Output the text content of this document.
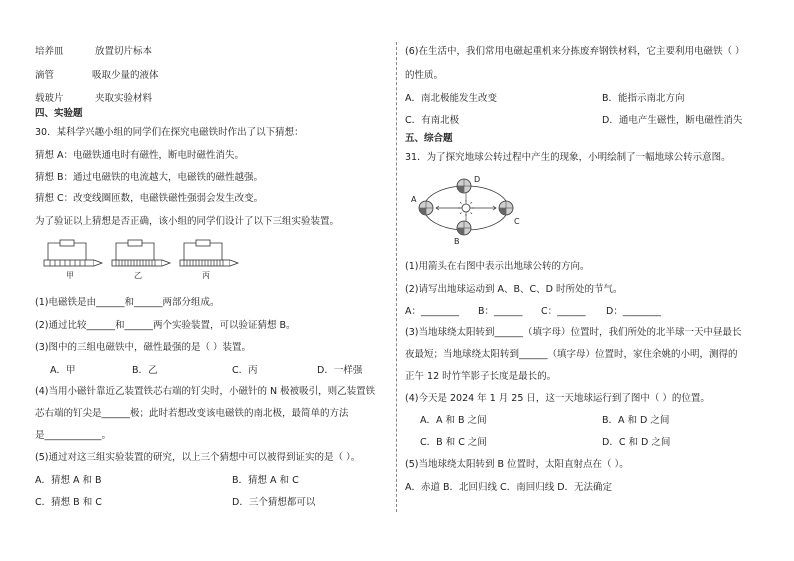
培养皿	放置切片标本
滴管	吸取少量的液体
载玻片	夹取实验材料
四、实验题
30．某科学兴趣小组的同学们在探究电磁铁时作出了以下猜想：
猜想 A：电磁铁通电时有磁性，断电时磁性消失。
猜想 B：通过电磁铁的电流越大，电磁铁的磁性越强。
猜想 C：改变线圈匝数，电磁铁磁性强弱会发生改变。
为了验证以上猜想是否正确，该小组的同学们设计了以下三组实验装置。
甲	乙	丙
(1)电磁铁是由______和______两部分组成。
(2)通过比较______和______两个实验装置，可以验证猜想 B。
(3)图中的三组电磁铁中，磁性最强的是（ ）装置。
A．甲	B．乙	C．丙	D．一样强
(4)当用小磁针靠近乙装置铁芯右端的钉尖时，小磁针的 N 极被吸引，则乙装置铁
芯右端的钉尖是______极；此时若想改变该电磁铁的南北极，最简单的方法
是____________。
(5)通过对这三组实验装置的研究，以上三个猜想中可以被得到证实的是（ ）。
A．猜想 A 和 B	B．猜想 A 和 C
C．猜想 B 和 C	D．三个猜想都可以
(6)在生活中，我们常用电磁起重机来分拣废弃钢铁材料，它主要利用电磁铁（ ）
的性质。
A．南北极能发生改变	B．能指示南北方向
C．有南北极	D．通电产生磁性，断电磁性消失
五、综合题
31．为了探究地球公转过程中产生的现象，小明绘制了一幅地球公转示意图。
A
B
C
D
(1)用箭头在右图中表示出地球公转的方向。
(2)请写出地球运动到 A、B、C、D 时所处的节气。
A：________ B：______ C：______ D：________
(3)当地球绕太阳转到______（填字母）位置时，我们所处的北半球一天中昼最长
夜最短；当地球绕太阳转到______（填字母）位置时，家住余姚的小明，测得的
正午 12 时竹竿影子长度是最长的。
(4)今天是 2024 年 1 月 25 日，这一天地球运行到了图中（ ）的位置。
A．A 和 B 之间	B．A 和 D 之间
C．B 和 C 之间	D．C 和 D 之间
(5)当地球绕太阳转到 B 位置时，太阳直射点在（ ）。
A．赤道 B．北回归线 C．南回归线 D．无法确定
